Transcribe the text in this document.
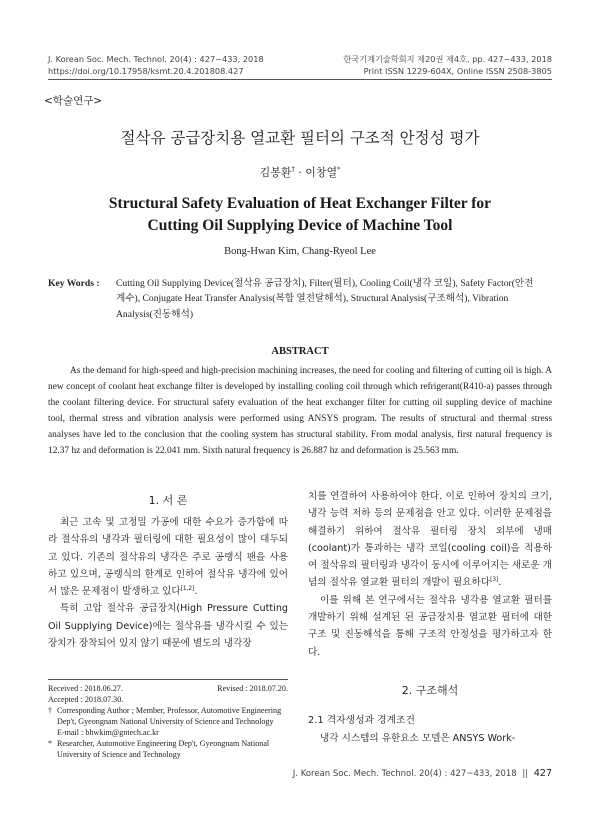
J. Korean Soc. Mech. Technol. 20(4) : 427~433, 2018
https://doi.org/10.17958/ksmt.20.4.201808.427
한국기계기술학회지 제20권 제4호, pp. 427~433, 2018
Print ISSN 1229-604X, Online ISSN 2508-3805
<학술연구>
절삭유 공급장치용 열교환 필터의 구조적 안정성 평가
김봉환† · 이창열*
Structural Safety Evaluation of Heat Exchanger Filter for
Cutting Oil Supplying Device of Machine Tool
Bong-Hwan Kim, Chang-Ryeol Lee
Key Words : Cutting Oil Supplying Device(절삭유 공급장치), Filter(필터), Cooling Coil(냉각 코일), Safety Factor(안전
계수), Conjugate Heat Transfer Analysis(복합 열전달해석), Structural Analysis(구조해석), Vibration
Analysis(진동해석)
ABSTRACT
As the demand for high-speed and high-precision machining increases, the need for cooling and filtering of cutting oil is high. A new concept of coolant heat exchange filter is developed by installing cooling coil through which refrigerant(R410-a) passes through the coolant filtering device. For structural safety evaluation of the heat exchanger filter for cutting oil suppling device of machine tool, thermal stress and vibration analysis were performed using ANSYS program. The results of structural and thermal stress analyses have led to the conclusion that the cooling system has structural stability. From modal analysis, first natural frequency is 12.37 hz and deformation is 22.041 mm. Sixth natural frequency is 26.887 hz and deformation is 25.563 mm.
1. 서 론

최근 고속 및 고정밀 가공에 대한 수요가 증가함에 따라 절삭유의 냉각과 필터링에 대한 필요성이 많이 대두되고 있다. 기존의 절삭유의 냉각은 주로 공랭식 팬을 사용하고 있으며, 공랭식의 한계로 인하여 절삭유 냉각에 있어서 많은 문제점이 발생하고 있다[1,2].

특히 고압 절삭유 공급장치(High Pressure Cutting Oil Supplying Device)에는 절삭유를 냉각시킬 수 있는 장치가 장착되어 있지 않기 때문에 별도의 냉각장

Received : 2018.06.27.	Revised : 2018.07.20.
Accepted : 2018.07.30.
† Corresponding Author ; Member, Professor, Automotive Engineering Dep't, Gyeongnam National University of Science and Technology
E-mail : bhwkim@gntech.ac.kr
* Researcher, Automotive Engineering Dep't, Gyeongnam National University of Science and Technology

치를 연결하여 사용하여야 한다. 이로 인하여 장치의 크기, 냉각 능력 저하 등의 문제점을 안고 있다. 이러한 문제점을 해결하기 위하여 절삭유 필터링 장치 외부에 냉매(coolant)가 통과하는 냉각 코일(cooling coil)을 적용하여 절삭유의 필터링과 냉각이 동시에 이루어지는 새로운 개념의 절삭유 열교환 필터의 개발이 필요하다[3].

이를 위해 본 연구에서는 절삭유 냉각용 열교환 필터를 개발하기 위해 설계된 된 공급장치용 열교환 필터에 대한 구조 및 진동해석을 통해 구조적 안정성을 평가하고자 한다.

2. 구조해석
2.1 격자생성과 경계조건
냉각 시스템의 유한요소 모델은 ANSYS Work-
J. Korean Soc. Mech. Technol. 20(4) : 427~433, 2018 || 427
